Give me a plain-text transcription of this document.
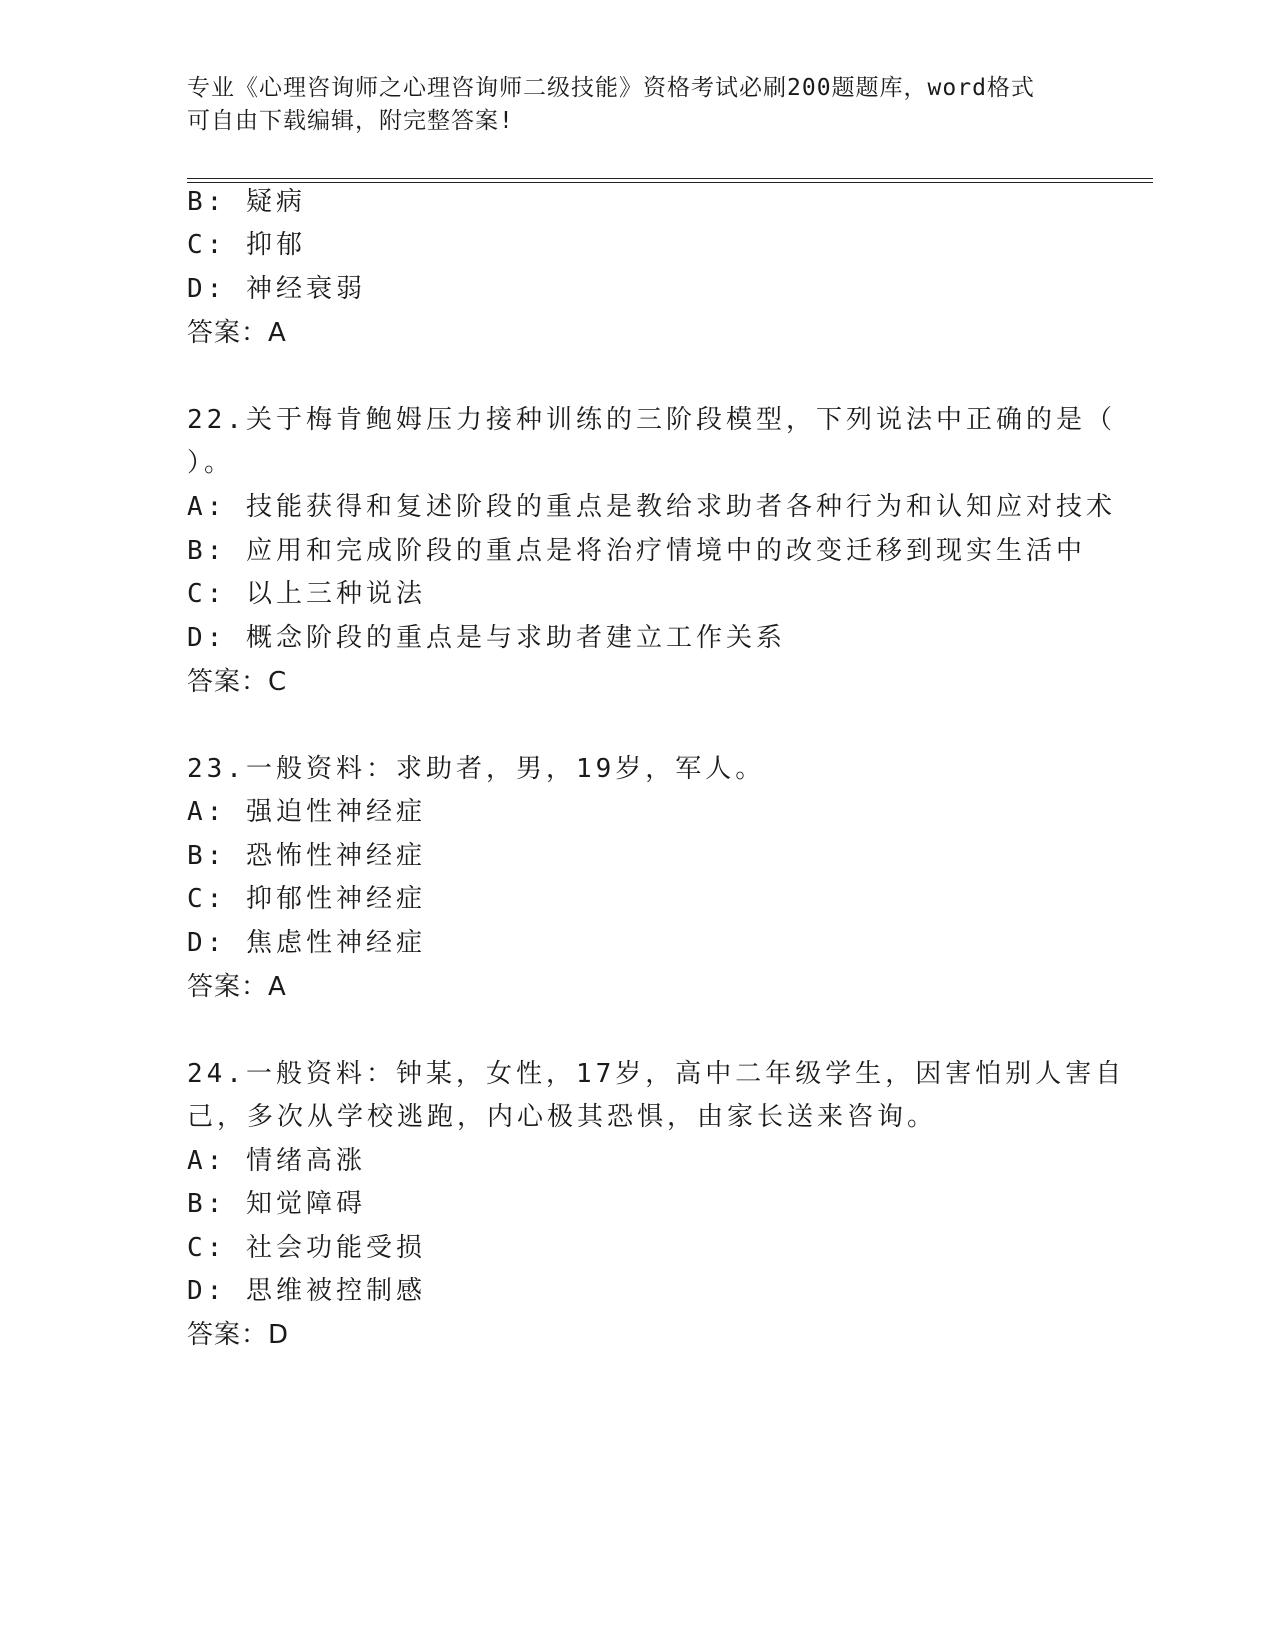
专业《心理咨询师之心理咨询师二级技能》资格考试必刷200题题库，word格式
可自由下载编辑，附完整答案!
B: 疑病
C: 抑郁
D: 神经衰弱
答案：A
22.关于梅肯鲍姆压力接种训练的三阶段模型，下列说法中正确的是（
）。
A: 技能获得和复述阶段的重点是教给求助者各种行为和认知应对技术
B: 应用和完成阶段的重点是将治疗情境中的改变迁移到现实生活中
C: 以上三种说法
D: 概念阶段的重点是与求助者建立工作关系
答案：C
23.一般资料：求助者，男，19岁，军人。
A: 强迫性神经症
B: 恐怖性神经症
C: 抑郁性神经症
D: 焦虑性神经症
答案：A
24.一般资料：钟某，女性，17岁，高中二年级学生，因害怕别人害自
己，多次从学校逃跑，内心极其恐惧，由家长送来咨询。
A: 情绪高涨
B: 知觉障碍
C: 社会功能受损
D: 思维被控制感
答案：D
